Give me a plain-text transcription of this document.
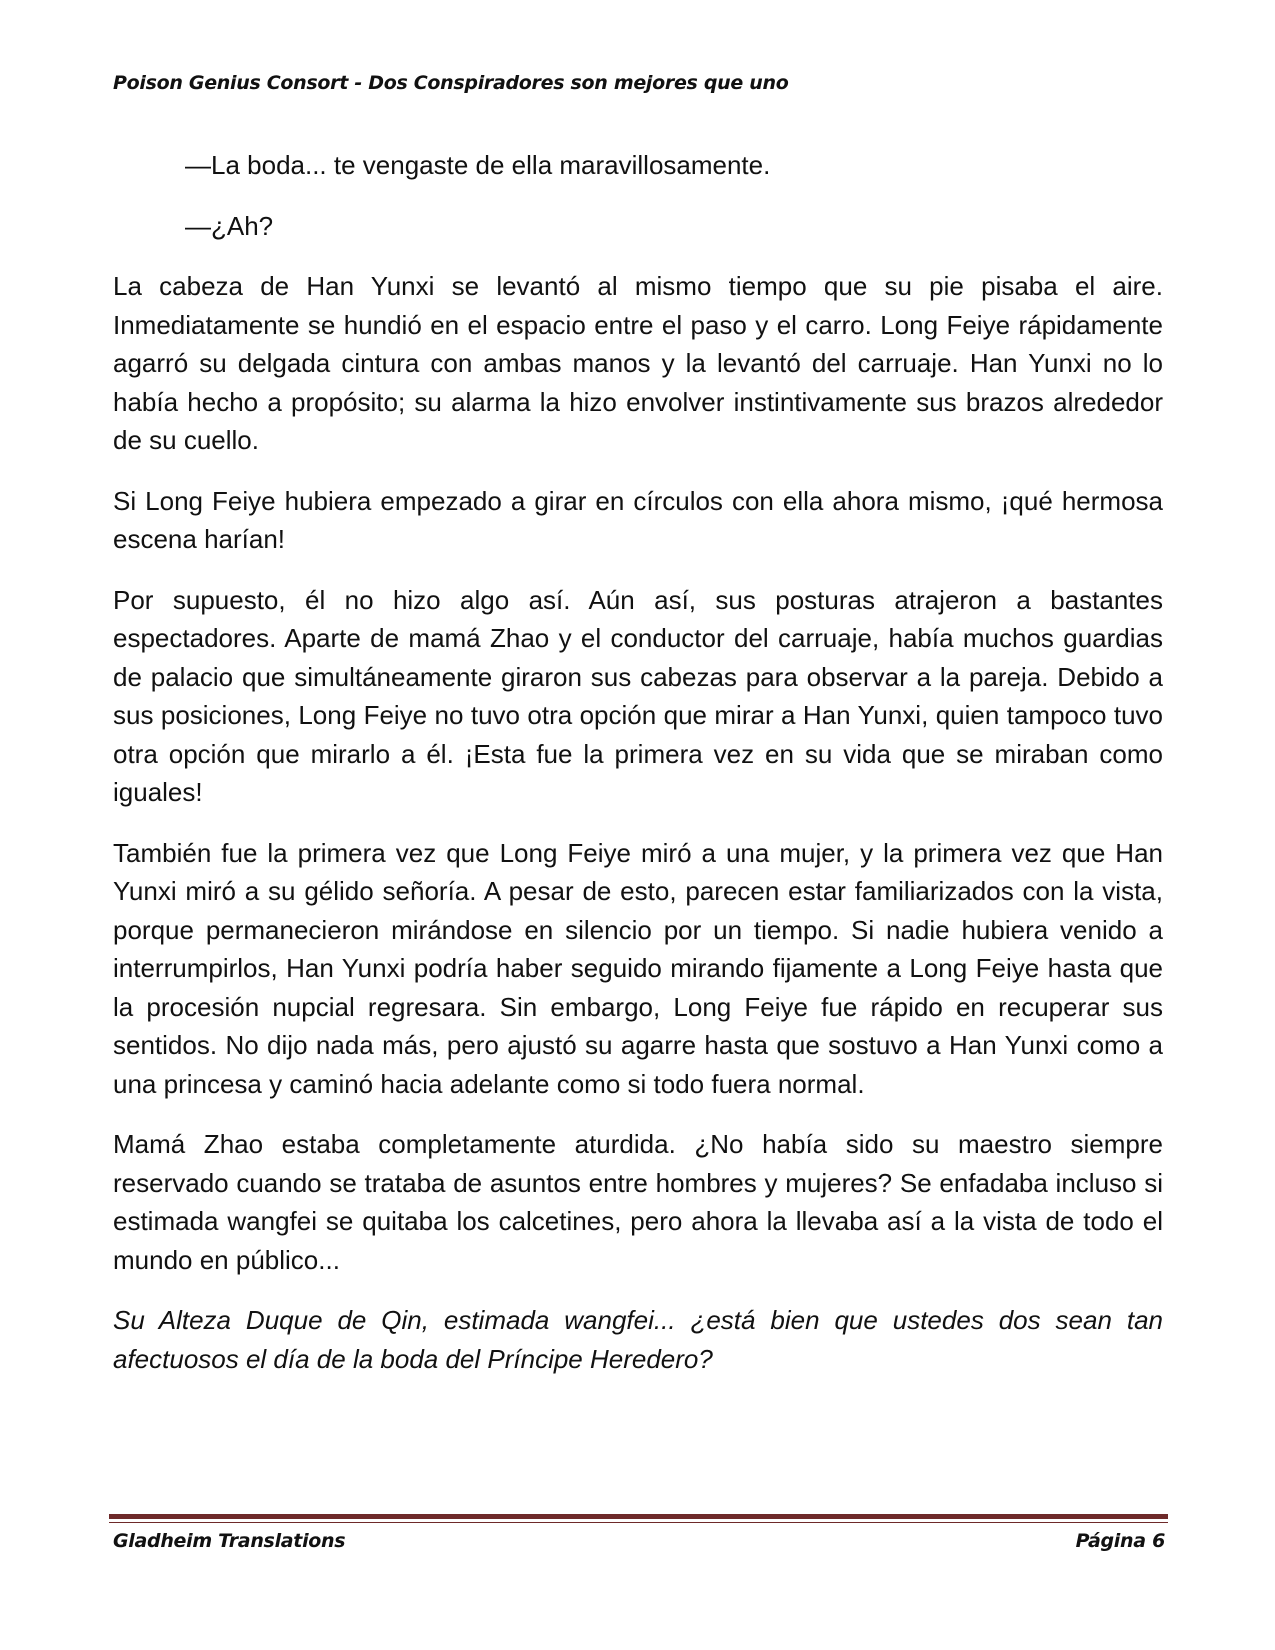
Poison Genius Consort - Dos Conspiradores son mejores que uno

—La boda... te vengaste de ella maravillosamente.

—¿Ah?

La cabeza de Han Yunxi se levantó al mismo tiempo que su pie pisaba el aire. Inmediatamente se hundió en el espacio entre el paso y el carro. Long Feiye rápidamente agarró su delgada cintura con ambas manos y la levantó del carruaje. Han Yunxi no lo había hecho a propósito; su alarma la hizo envolver instintivamente sus brazos alrededor de su cuello.

Si Long Feiye hubiera empezado a girar en círculos con ella ahora mismo, ¡qué hermosa escena harían!

Por supuesto, él no hizo algo así. Aún así, sus posturas atrajeron a bastantes espectadores. Aparte de mamá Zhao y el conductor del carruaje, había muchos guardias de palacio que simultáneamente giraron sus cabezas para observar a la pareja. Debido a sus posiciones, Long Feiye no tuvo otra opción que mirar a Han Yunxi, quien tampoco tuvo otra opción que mirarlo a él. ¡Esta fue la primera vez en su vida que se miraban como iguales!

También fue la primera vez que Long Feiye miró a una mujer, y la primera vez que Han Yunxi miró a su gélido señoría. A pesar de esto, parecen estar familiarizados con la vista, porque permanecieron mirándose en silencio por un tiempo. Si nadie hubiera venido a interrumpirlos, Han Yunxi podría haber seguido mirando fijamente a Long Feiye hasta que la procesión nupcial regresara. Sin embargo, Long Feiye fue rápido en recuperar sus sentidos. No dijo nada más, pero ajustó su agarre hasta que sostuvo a Han Yunxi como a una princesa y caminó hacia adelante como si todo fuera normal.

Mamá Zhao estaba completamente aturdida. ¿No había sido su maestro siempre reservado cuando se trataba de asuntos entre hombres y mujeres? Se enfadaba incluso si estimada wangfei se quitaba los calcetines, pero ahora la llevaba así a la vista de todo el mundo en público...

Su Alteza Duque de Qin, estimada wangfei... ¿está bien que ustedes dos sean tan afectuosos el día de la boda del Príncipe Heredero?

Gladheim Translations	Página 6
